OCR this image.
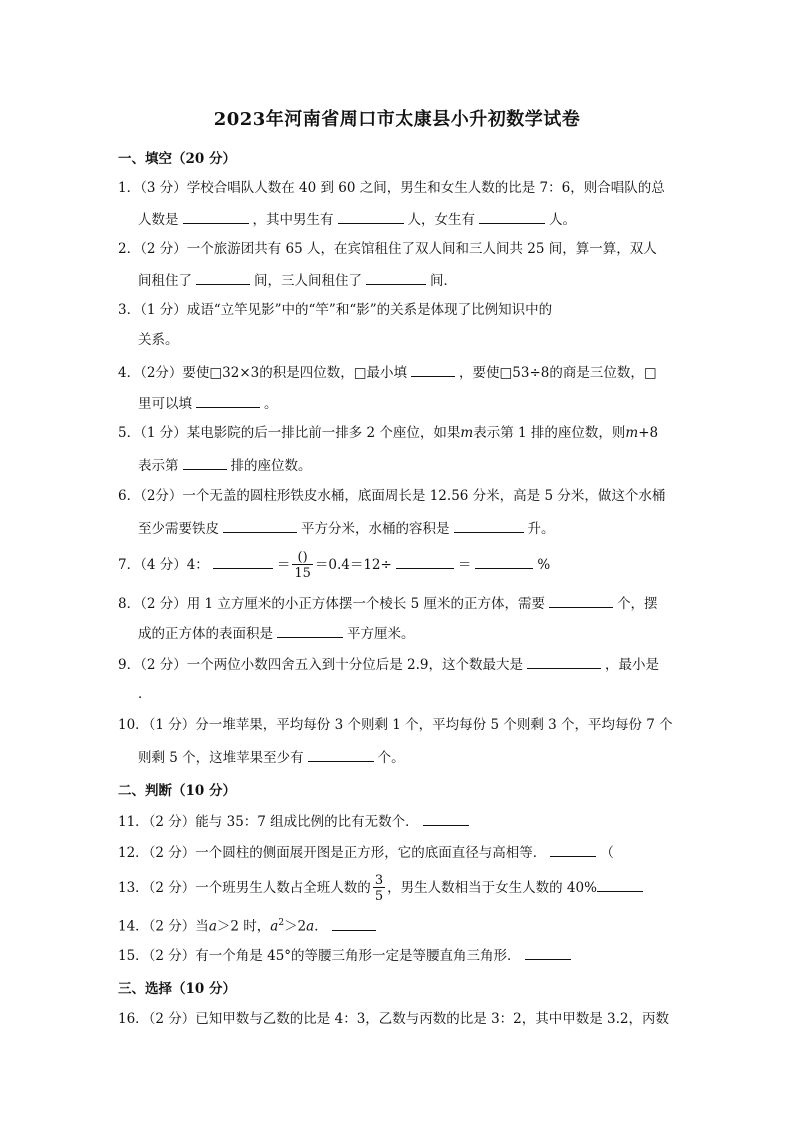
2023年河南省周口市太康县小升初数学试卷
一、填空（20 分）
1．（3 分）学校合唱队人数在 40 到 60 之间，男生和女生人数的比是 7：6，则合唱队的总
人数是	，其中男生有	人，女生有	人。
2．（2 分）一个旅游团共有 65 人，在宾馆租住了双人间和三人间共 25 间，算一算，双人
间租住了	间，三人间租住了	间．
3．（1 分）成语“立竿见影”中的“竿”和“影”的关系是体现了比例知识中的
关系。
4．（2分）要使□32×3的积是四位数，□最小填	，要使□53÷8的商是三位数，□
里可以填	。
5．（1 分）某电影院的后一排比前一排多 2 个座位，如果m表示第 1 排的座位数，则m+8
表示第	排的座位数。
6．（2分）一个无盖的圆柱形铁皮水桶，底面周长是 12.56 分米，高是 5 分米，做这个水桶
至少需要铁皮	平方分米，水桶的容积是	升。
7．（4 分）4：	＝ $\frac{()}{15} =0.4=12\div$	＝	%
8．（2 分）用 1 立方厘米的小正方体摆一个棱长 5 厘米的正方体，需要	个，摆
成的正方体的表面积是	平方厘米。
9．（2 分）一个两位小数四舍五入到十分位后是 2.9，这个数最大是	，最小是
．
10．（1 分）分一堆苹果，平均每份 3 个则剩 1 个，平均每份 5 个则剩 3 个，平均每份 7 个
则剩 5 个，这堆苹果至少有	个。
二、判断（10 分）
11．（2 分）能与 35：7 组成比例的比有无数个．
12．（2 分）一个圆柱的侧面展开图是正方形，它的底面直径与高相等．	（
13．（2 分）一个班男生人数占全班人数的 $\frac{3}{5}$ ，男生人数相当于女生人数的 40%
14．（2 分）当a＞2 时，$a^2>2a$．
15．（2 分）有一个角是 45°的等腰三角形一定是等腰直角三角形．
三、选择（10 分）
16．（2 分）已知甲数与乙数的比是 4：3，乙数与丙数的比是 3：2，其中甲数是 3.2，丙数
